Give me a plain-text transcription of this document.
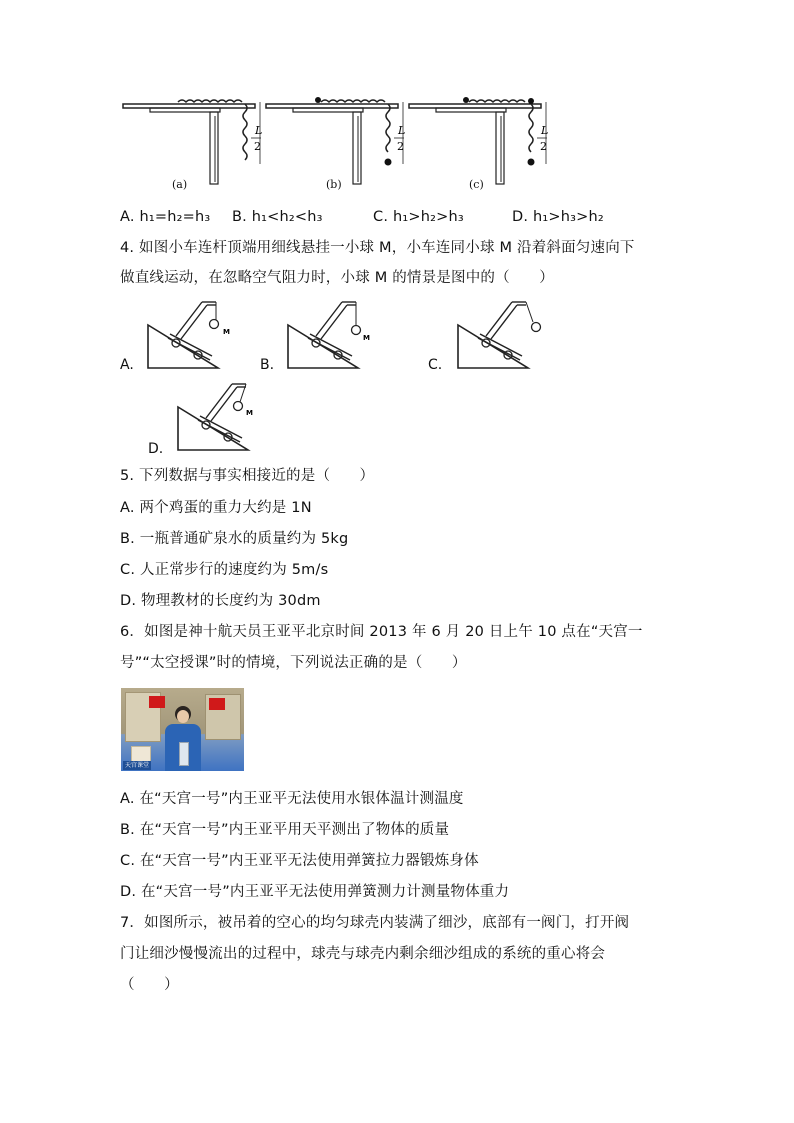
L
2
L
2
L
2
(a)	(b)	(c)
A. h₁=h₂=h₃ B. h₁<h₂<h₃	C. h₁>h₂>h₃	D. h₁>h₃>h₂
4. 如图小车连杆顶端用细线悬挂一小球 M，小车连同小球 M 沿着斜面匀速向下
做直线运动，在忽略空气阻力时，小球 M 的情景是图中的（　　）
M
M
M
A.	B.	C.
D.
5. 下列数据与事实相接近的是（　　）
A. 两个鸡蛋的重力大约是 1N
B. 一瓶普通矿泉水的质量约为 5kg
C. 人正常步行的速度约为 5m/s
D. 物理教材的长度约为 30dm
6．如图是神十航天员王亚平北京时间 2013 年 6 月 20 日上午 10 点在“天宫一
号”“太空授课”时的情境，下列说法正确的是（　　）
天宫课堂
A. 在“天宫一号”内王亚平无法使用水银体温计测温度
B. 在“天宫一号”内王亚平用天平测出了物体的质量
C. 在“天宫一号”内王亚平无法使用弹簧拉力器锻炼身体
D. 在“天宫一号”内王亚平无法使用弹簧测力计测量物体重力
7．如图所示，被吊着的空心的均匀球壳内装满了细沙，底部有一阀门，打开阀
门让细沙慢慢流出的过程中，球壳与球壳内剩余细沙组成的系统的重心将会
（　　）
